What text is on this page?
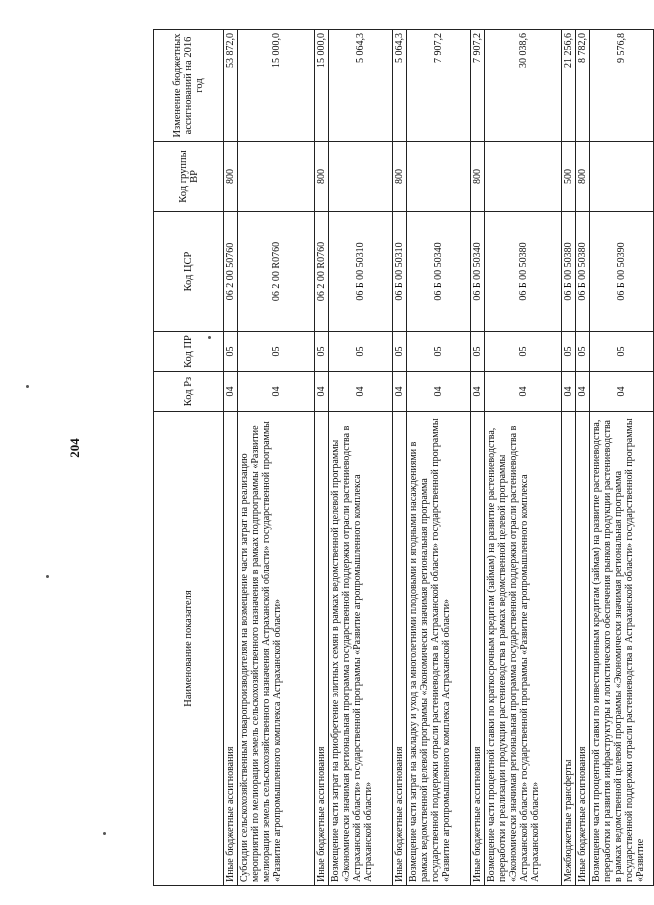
204
Наименование показателя	Код Рз	Код ПР	Код ЦСР	Код группы ВР	Изменение бюджетных ассигнований на 2016 год
Иные бюджетные ассигнования	04	05	06 2 00 50760	800	53 872,0
Субсидии сельскохозяйственным товаропроизводителям на возмещение части затрат на реализацию мероприятий по мелиорации земель сельскохозяйственного назначения в рамках подпрограммы «Развитие мелиорации земель сельскохозяйственного назначения Астраханской области» государственной программы «Развитие агропромышленного комплекса Астраханской области»	04	05	06 2 00 R0760		15 000,0
Иные бюджетные ассигнования	04	05	06 2 00 R0760	800	15 000,0
Возмещение части затрат на приобретение элитных семян в рамках ведомственной целевой программы «Экономически значимая региональная программа государственной поддержки отрасли растениеводства в Астраханской области» государственной программы «Развитие агропромышленного комплекса Астраханской области»	04	05	06 Б 00 50310		5 064,3
Иные бюджетные ассигнования	04	05	06 Б 00 50310	800	5 064,3
Возмещение части затрат на закладку и уход за многолетними плодовыми и ягодными насаждениями в рамках ведомственной целевой программы «Экономически значимая региональная программа государственной поддержки отрасли растениеводства в Астраханской области» государственной программы «Развитие агропромышленного комплекса Астраханской области»	04	05	06 Б 00 50340		7 907,2
Иные бюджетные ассигнования	04	05	06 Б 00 50340	800	7 907,2
Возмещение части процентной ставки по краткосрочным кредитам (займам) на развитие растениеводства, переработки и реализации продукции растениеводства в рамках ведомственной целевой программы «Экономически значимая региональная программа государственной поддержки отрасли растениеводства в Астраханской области» государственной программы «Развитие агропромышленного комплекса Астраханской области»	04	05	06 Б 00 50380		30 038,6
Межбюджетные трансферты	04	05	06 Б 00 50380	500	21 256,6
Иные бюджетные ассигнования	04	05	06 Б 00 50380	800	8 782,0
Возмещение части процентной ставки по инвестиционным кредитам (займам) на развитие растениеводства, переработки и развития инфраструктуры и логистического обеспечения рынков продукции растениеводства в рамках ведомственной целевой программы «Экономически значимая региональная программа государственной поддержки отрасли растениеводства в Астраханской области» государственной программы «Развитие	04	05	06 Б 00 50390		9 576,8
